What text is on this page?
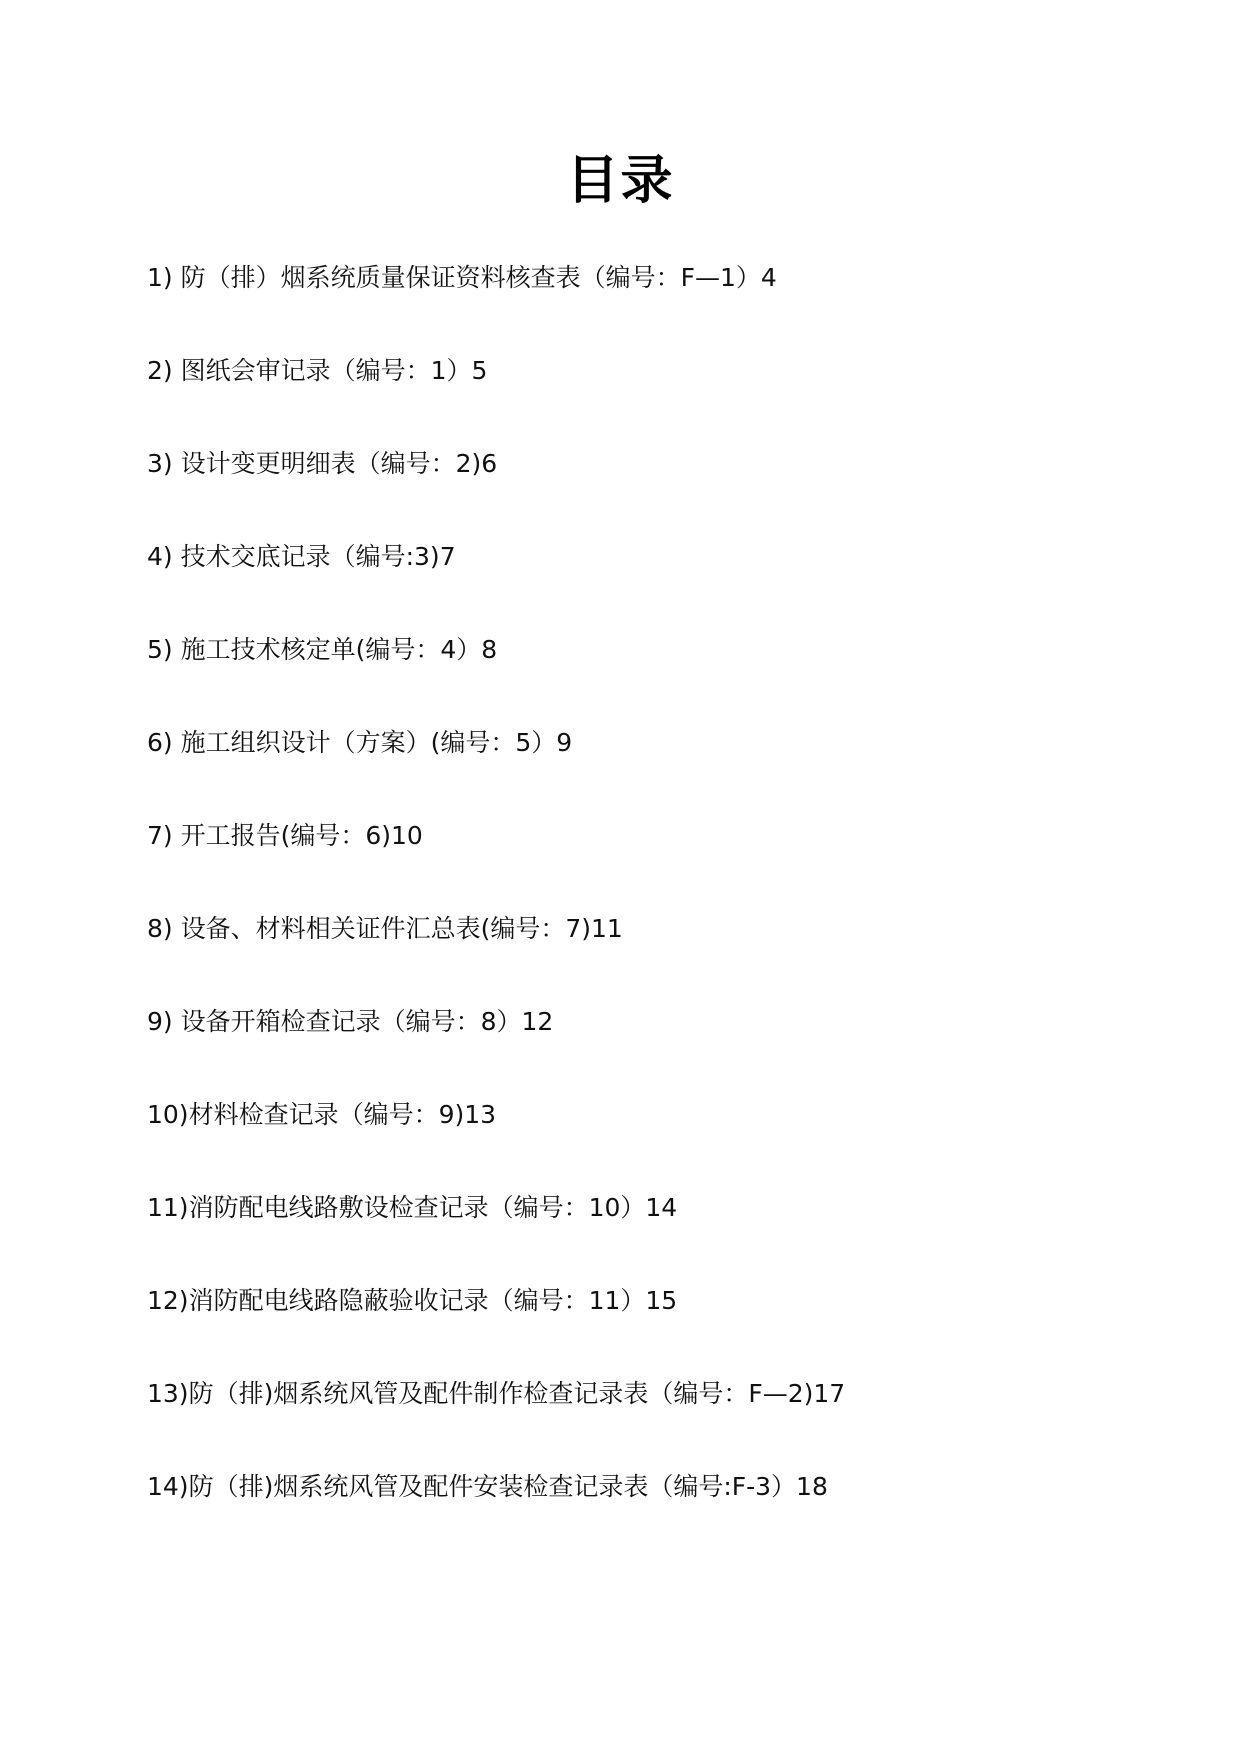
目录
1) 防（排）烟系统质量保证资料核查表（编号：F—1）4
2) 图纸会审记录（编号：1）5
3) 设计变更明细表（编号：2)6
4) 技术交底记录（编号:3)7
5) 施工技术核定单(编号：4）8
6) 施工组织设计（方案）(编号：5）9
7) 开工报告(编号：6)10
8) 设备、材料相关证件汇总表(编号：7)11
9) 设备开箱检查记录（编号：8）12
10)材料检查记录（编号：9)13
11)消防配电线路敷设检查记录（编号：10）14
12)消防配电线路隐蔽验收记录（编号：11）15
13)防（排)烟系统风管及配件制作检查记录表（编号：F—2)17
14)防（排)烟系统风管及配件安装检查记录表（编号:F-3）18
